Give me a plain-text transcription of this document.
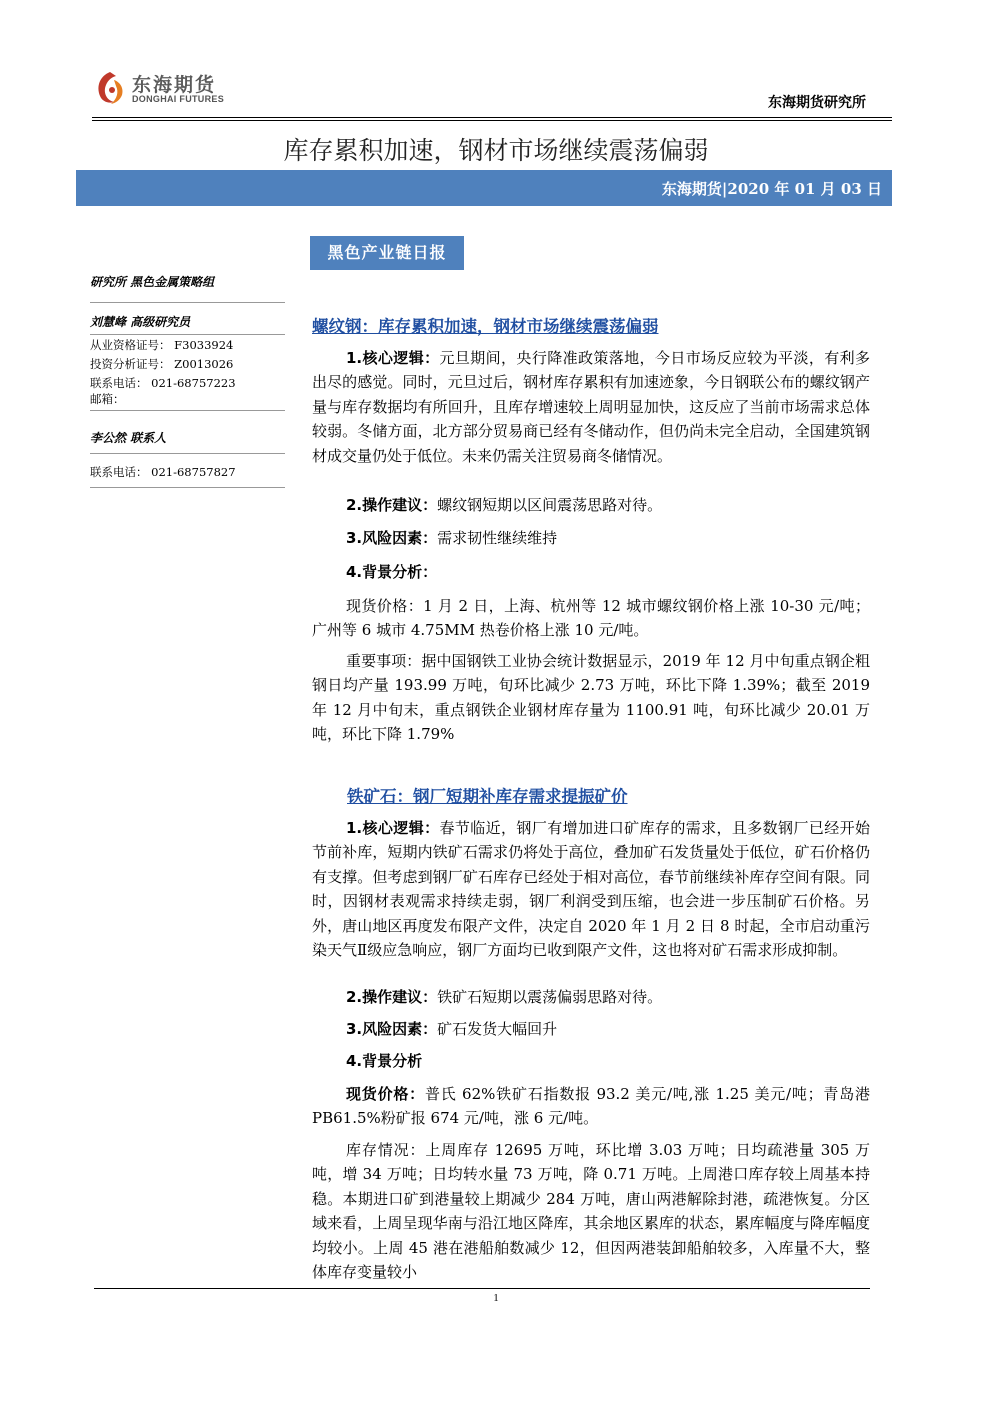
东海期货
DONGHAI FUTURES	东海期货研究所
库存累积加速，钢材市场继续震荡偏弱
东海期货|2020 年 01 月 03 日
黑色产业链日报
研究所 黑色金属策略组
刘慧峰 高级研究员
从业资格证号： F3033924
投资分析证号： Z0013026
联系电话： 021-68757223
邮箱：
李公然 联系人
联系电话： 021-68757827
螺纹钢：库存累积加速，钢材市场继续震荡偏弱
1.核心逻辑：元旦期间，央行降准政策落地，今日市场反应较为平淡，有利多出尽的感觉。同时，元旦过后，钢材库存累积有加速迹象，今日钢联公布的螺纹钢产量与库存数据均有所回升，且库存增速较上周明显加快，这反应了当前市场需求总体较弱。冬储方面，北方部分贸易商已经有冬储动作，但仍尚未完全启动，全国建筑钢材成交量仍处于低位。未来仍需关注贸易商冬储情况。
2.操作建议：螺纹钢短期以区间震荡思路对待。
3.风险因素：需求韧性继续维持
4.背景分析：
现货价格：1 月 2 日，上海、杭州等 12 城市螺纹钢价格上涨 10-30 元/吨；广州等 6 城市 4.75MM 热卷价格上涨 10 元/吨。
重要事项：据中国钢铁工业协会统计数据显示，2019 年 12 月中旬重点钢企粗钢日均产量 193.99 万吨，旬环比减少 2.73 万吨，环比下降 1.39%；截至 2019 年 12 月中旬末，重点钢铁企业钢材库存量为 1100.91 吨，旬环比减少 20.01 万吨，环比下降 1.79%
铁矿石：钢厂短期补库存需求提振矿价
1.核心逻辑：春节临近，钢厂有增加进口矿库存的需求，且多数钢厂已经开始节前补库，短期内铁矿石需求仍将处于高位，叠加矿石发货量处于低位，矿石价格仍有支撑。但考虑到钢厂矿石库存已经处于相对高位，春节前继续补库存空间有限。同时，因钢材表观需求持续走弱，钢厂利润受到压缩，也会进一步压制矿石价格。另外，唐山地区再度发布限产文件，决定自 2020 年 1 月 2 日 8 时起，全市启动重污染天气Ⅱ级应急响应，钢厂方面均已收到限产文件，这也将对矿石需求形成抑制。
2.操作建议：铁矿石短期以震荡偏弱思路对待。
3.风险因素：矿石发货大幅回升
4.背景分析
现货价格：普氏 62%铁矿石指数报 93.2 美元/吨,涨 1.25 美元/吨；青岛港 PB61.5%粉矿报 674 元/吨，涨 6 元/吨。
库存情况：上周库存 12695 万吨，环比增 3.03 万吨；日均疏港量 305 万吨，增 34 万吨；日均转水量 73 万吨，降 0.71 万吨。上周港口库存较上周基本持稳。本期进口矿到港量较上期减少 284 万吨，唐山两港解除封港，疏港恢复。分区域来看，上周呈现华南与沿江地区降库，其余地区累库的状态，累库幅度与降库幅度均较小。上周 45 港在港船舶数减少 12，但因两港装卸船舶较多，入库量不大，整体库存变量较小
1
